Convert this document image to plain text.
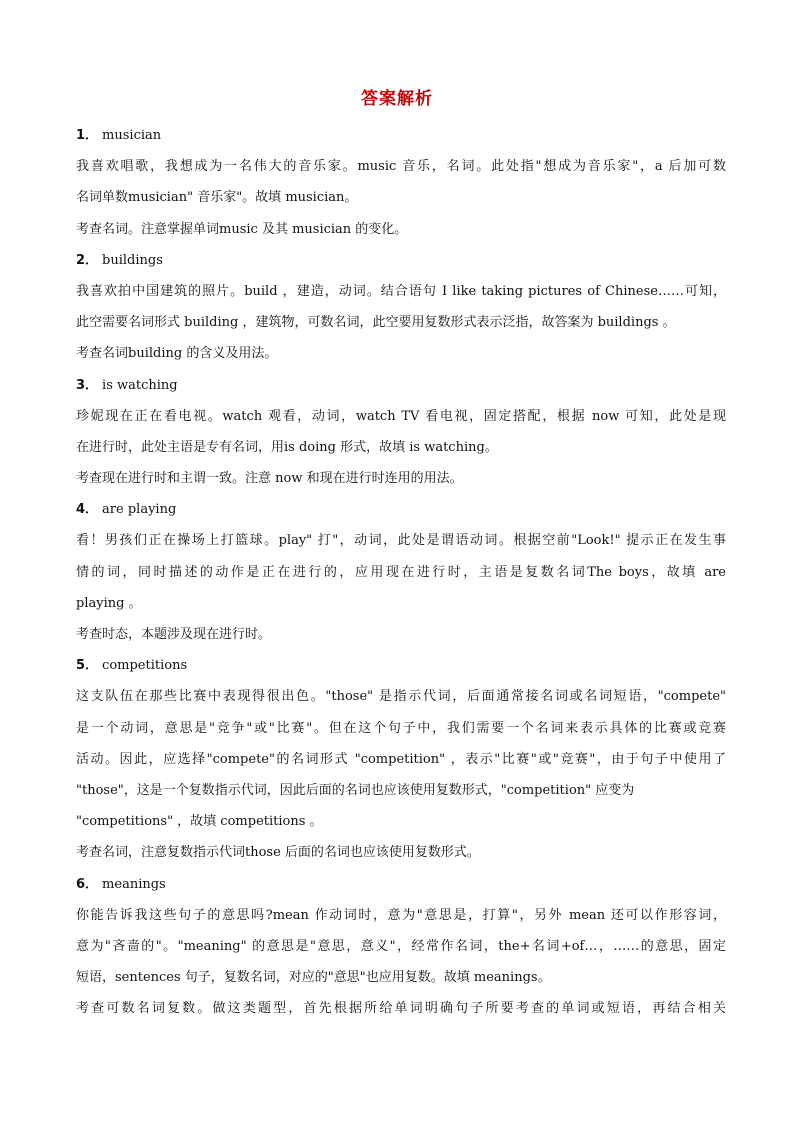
答案解析
1． musician
我喜欢唱歌，我想成为一名伟大的音乐家。music 音乐，名词。此处指"想成为音乐家"，a 后加可数
名词单数musician" 音乐家"。故填 musician。
考查名词。注意掌握单词music 及其 musician 的变化。
2． buildings
我喜欢拍中国建筑的照片。build ，建造，动词。结合语句 I like taking pictures of Chinese……可知，
此空需要名词形式 building ，建筑物，可数名词，此空要用复数形式表示泛指，故答案为 buildings 。
考查名词building 的含义及用法。
3． is watching
珍妮现在正在看电视。watch 观看，动词，watch TV 看电视，固定搭配，根据 now 可知，此处是现
在进行时，此处主语是专有名词，用is doing 形式，故填 is watching。
考查现在进行时和主谓一致。注意 now 和现在进行时连用的用法。
4． are playing
看！男孩们正在操场上打篮球。play" 打"，动词，此处是谓语动词。根据空前"Look!" 提示正在发生事
情的词，同时描述的动作是正在进行的，应用现在进行时，主语是复数名词The boys，故填 are
playing 。
考查时态，本题涉及现在进行时。
5． competitions
这支队伍在那些比赛中表现得很出色。"those" 是指示代词，后面通常接名词或名词短语，"compete"
是一个动词，意思是"竞争"或"比赛"。但在这个句子中，我们需要一个名词来表示具体的比赛或竞赛
活动。因此，应选择"compete"的名词形式 "competition" ，表示"比赛"或"竞赛"，由于句子中使用了
"those"，这是一个复数指示代词，因此后面的名词也应该使用复数形式，"competition" 应变为
"competitions" ，故填 competitions 。
考查名词，注意复数指示代词those 后面的名词也应该使用复数形式。
6． meanings
你能告诉我这些句子的意思吗?mean 作动词时，意为"意思是，打算"，另外 mean 还可以作形容词，
意为"吝啬的"。"meaning" 的意思是"意思，意义"，经常作名词，the+名词+of…，……的意思，固定
短语，sentences 句子，复数名词，对应的"意思"也应用复数。故填 meanings。
考查可数名词复数。做这类题型，首先根据所给单词明确句子所要考查的单词或短语，再结合相关
